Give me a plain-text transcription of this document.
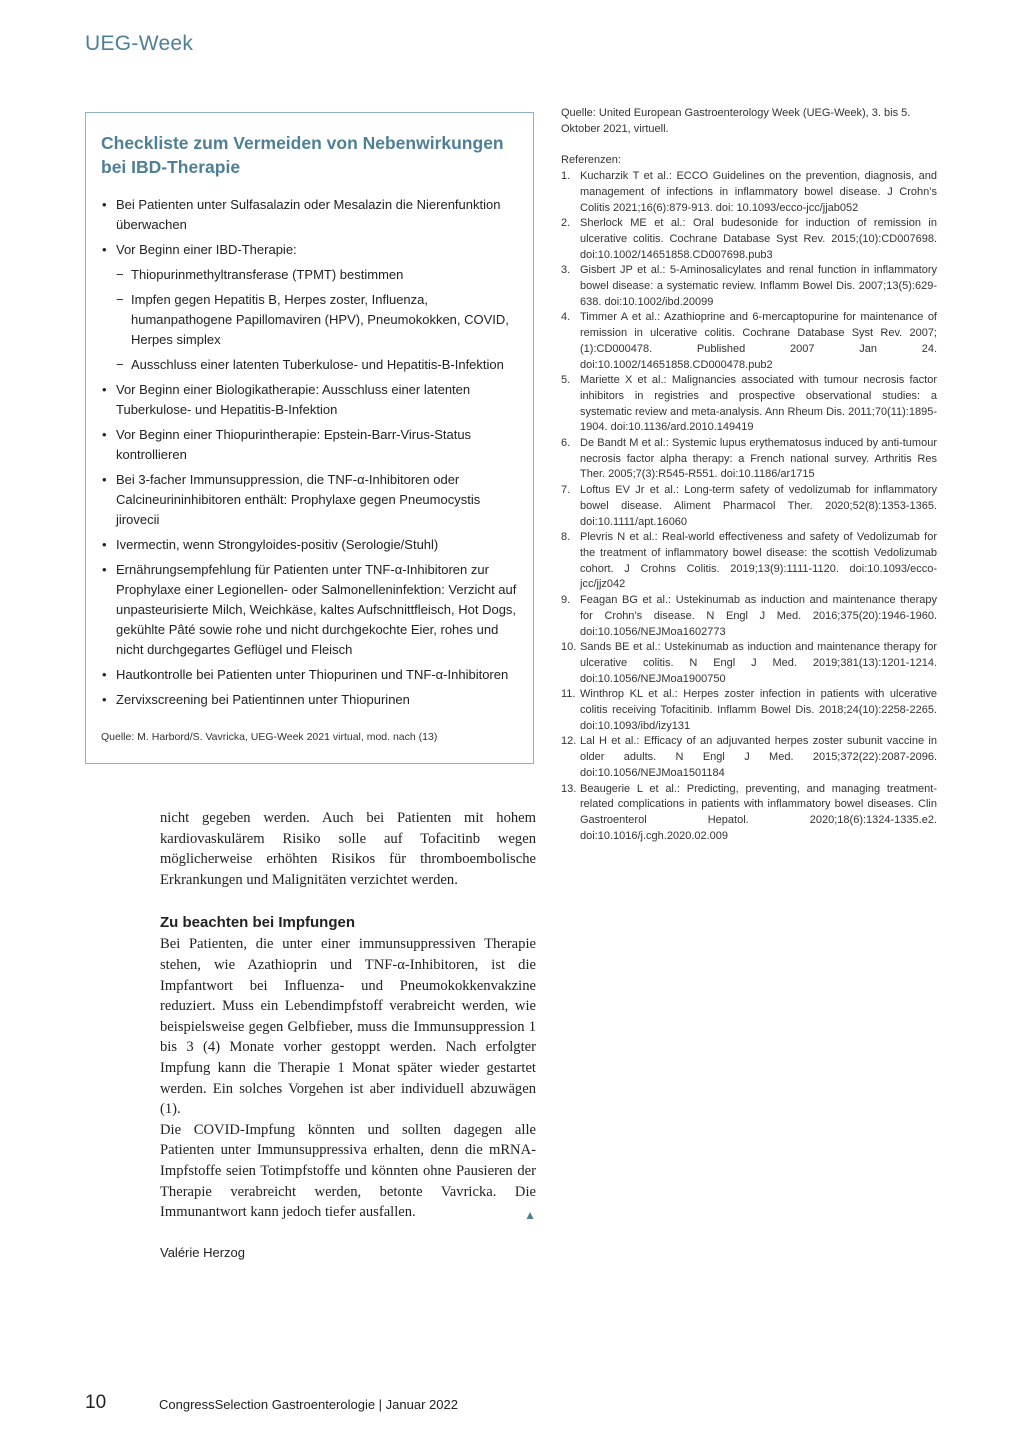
UEG-Week
Checkliste zum Vermeiden von Nebenwirkungen bei IBD-Therapie
• Bei Patienten unter Sulfasalazin oder Mesalazin die Nierenfunktion überwachen
• Vor Beginn einer IBD-Therapie:
− Thiopurinmethyltransferase (TPMT) bestimmen
− Impfen gegen Hepatitis B, Herpes zoster, Influenza, humanpathogene Papillomaviren (HPV), Pneumokokken, COVID, Herpes simplex
− Ausschluss einer latenten Tuberkulose- und Hepatitis-B-Infektion
• Vor Beginn einer Biologikatherapie: Ausschluss einer latenten Tuberkulose- und Hepatitis-B-Infektion
• Vor Beginn einer Thiopurintherapie: Epstein-Barr-Virus-Status kontrollieren
• Bei 3-facher Immunsuppression, die TNF-α-Inhibitoren oder Calcineurininhibitoren enthält: Prophylaxe gegen Pneumocystis jirovecii
• Ivermectin, wenn Strongyloides-positiv (Serologie/Stuhl)
• Ernährungsempfehlung für Patienten unter TNF-α-Inhibitoren zur Prophylaxe einer Legionellen- oder Salmonelleninfektion: Verzicht auf unpasteurisierte Milch, Weichkäse, kaltes Aufschnittfleisch, Hot Dogs, gekühlte Pâté sowie rohe und nicht durchgekochte Eier, rohes und nicht durchgegartes Geflügel und Fleisch
• Hautkontrolle bei Patienten unter Thiopurinen und TNF-α-Inhibitoren
• Zervixscreening bei Patientinnen unter Thiopurinen
Quelle: M. Harbord/S. Vavricka, UEG-Week 2021 virtual, mod. nach (13)

nicht gegeben werden. Auch bei Patienten mit hohem kardiovaskulärem Risiko solle auf Tofacitinb wegen möglicherweise erhöhten Risikos für thromboembolische Erkrankungen und Malignitäten verzichtet werden.

Zu beachten bei Impfungen

Bei Patienten, die unter einer immunsuppressiven Therapie stehen, wie Azathioprin und TNF-α-Inhibitoren, ist die Impfantwort bei Influenza- und Pneumokokkenvakzine reduziert. Muss ein Lebendimpfstoff verabreicht werden, wie beispielsweise gegen Gelbfieber, muss die Immunsuppression 1 bis 3 (4) Monate vorher gestoppt werden. Nach erfolgter Impfung kann die Therapie 1 Monat später wieder gestartet werden. Ein solches Vorgehen ist aber individuell abzuwägen (1).

Die COVID-Impfung könnten und sollten dagegen alle Patienten unter Immunsuppressiva erhalten, denn die mRNA-Impfstoffe seien Totimpfstoffe und könnten ohne Pausieren der Therapie verabreicht werden, betonte Vavricka. Die Immunantwort kann jedoch tiefer ausfallen.	▲

Valérie Herzog

Quelle: United European Gastroenterology Week (UEG-Week), 3. bis 5. Oktober 2021, virtuell.

Referenzen:

1. Kucharzik T et al.: ECCO Guidelines on the prevention, diagnosis, and management of infections in inflammatory bowel disease. J Crohn’s Colitis 2021;16(6):879-913. doi: 10.1093/ecco-jcc/jjab052
2. Sherlock ME et al.: Oral budesonide for induction of remission in ulcerative colitis. Cochrane Database Syst Rev. 2015;(10):CD007698. doi:10.1002/14651858.CD007698.pub3
3. Gisbert JP et al.: 5-Aminosalicylates and renal function in inflammatory bowel disease: a systematic review. Inflamm Bowel Dis. 2007;13(5):629-638. doi:10.1002/ibd.20099
4. Timmer A et al.: Azathioprine and 6-mercaptopurine for maintenance of remission in ulcerative colitis. Cochrane Database Syst Rev. 2007;(1):CD000478. Published 2007 Jan 24. doi:10.1002/14651858.CD000478.pub2
5. Mariette X et al.: Malignancies associated with tumour necrosis factor inhibitors in registries and prospective observational studies: a systematic review and meta-analysis. Ann Rheum Dis. 2011;70(11):1895-1904. doi:10.1136/ard.2010.149419
6. De Bandt M et al.: Systemic lupus erythematosus induced by anti-tumour necrosis factor alpha therapy: a French national survey. Arthritis Res Ther. 2005;7(3):R545-R551. doi:10.1186/ar1715
7. Loftus EV Jr et al.: Long-term safety of vedolizumab for inflammatory bowel disease. Aliment Pharmacol Ther. 2020;52(8):1353-1365. doi:10.1111/apt.16060
8. Plevris N et al.: Real-world effectiveness and safety of Vedolizumab for the treatment of inflammatory bowel disease: the scottish Vedolizumab cohort. J Crohns Colitis. 2019;13(9):1111-1120. doi:10.1093/ecco-jcc/jjz042
9. Feagan BG et al.: Ustekinumab as induction and maintenance therapy for Crohn’s disease. N Engl J Med. 2016;375(20):1946-1960. doi:10.1056/NEJMoa1602773
10. Sands BE et al.: Ustekinumab as induction and maintenance therapy for ulcerative colitis. N Engl J Med. 2019;381(13):1201-1214. doi:10.1056/NEJMoa1900750
11. Winthrop KL et al.: Herpes zoster infection in patients with ulcerative colitis receiving Tofacitinib. Inflamm Bowel Dis. 2018;24(10):2258-2265. doi:10.1093/ibd/izy131
12. Lal H et al.: Efficacy of an adjuvanted herpes zoster subunit vaccine in older adults. N Engl J Med. 2015;372(22):2087-2096. doi:10.1056/NEJMoa1501184
13. Beaugerie L et al.: Predicting, preventing, and managing treatment-related complications in patients with inflammatory bowel diseases. Clin Gastroenterol Hepatol. 2020;18(6):1324-1335.e2. doi:10.1016/j.cgh.2020.02.009
10	CongressSelection Gastroenterologie | Januar 2022
